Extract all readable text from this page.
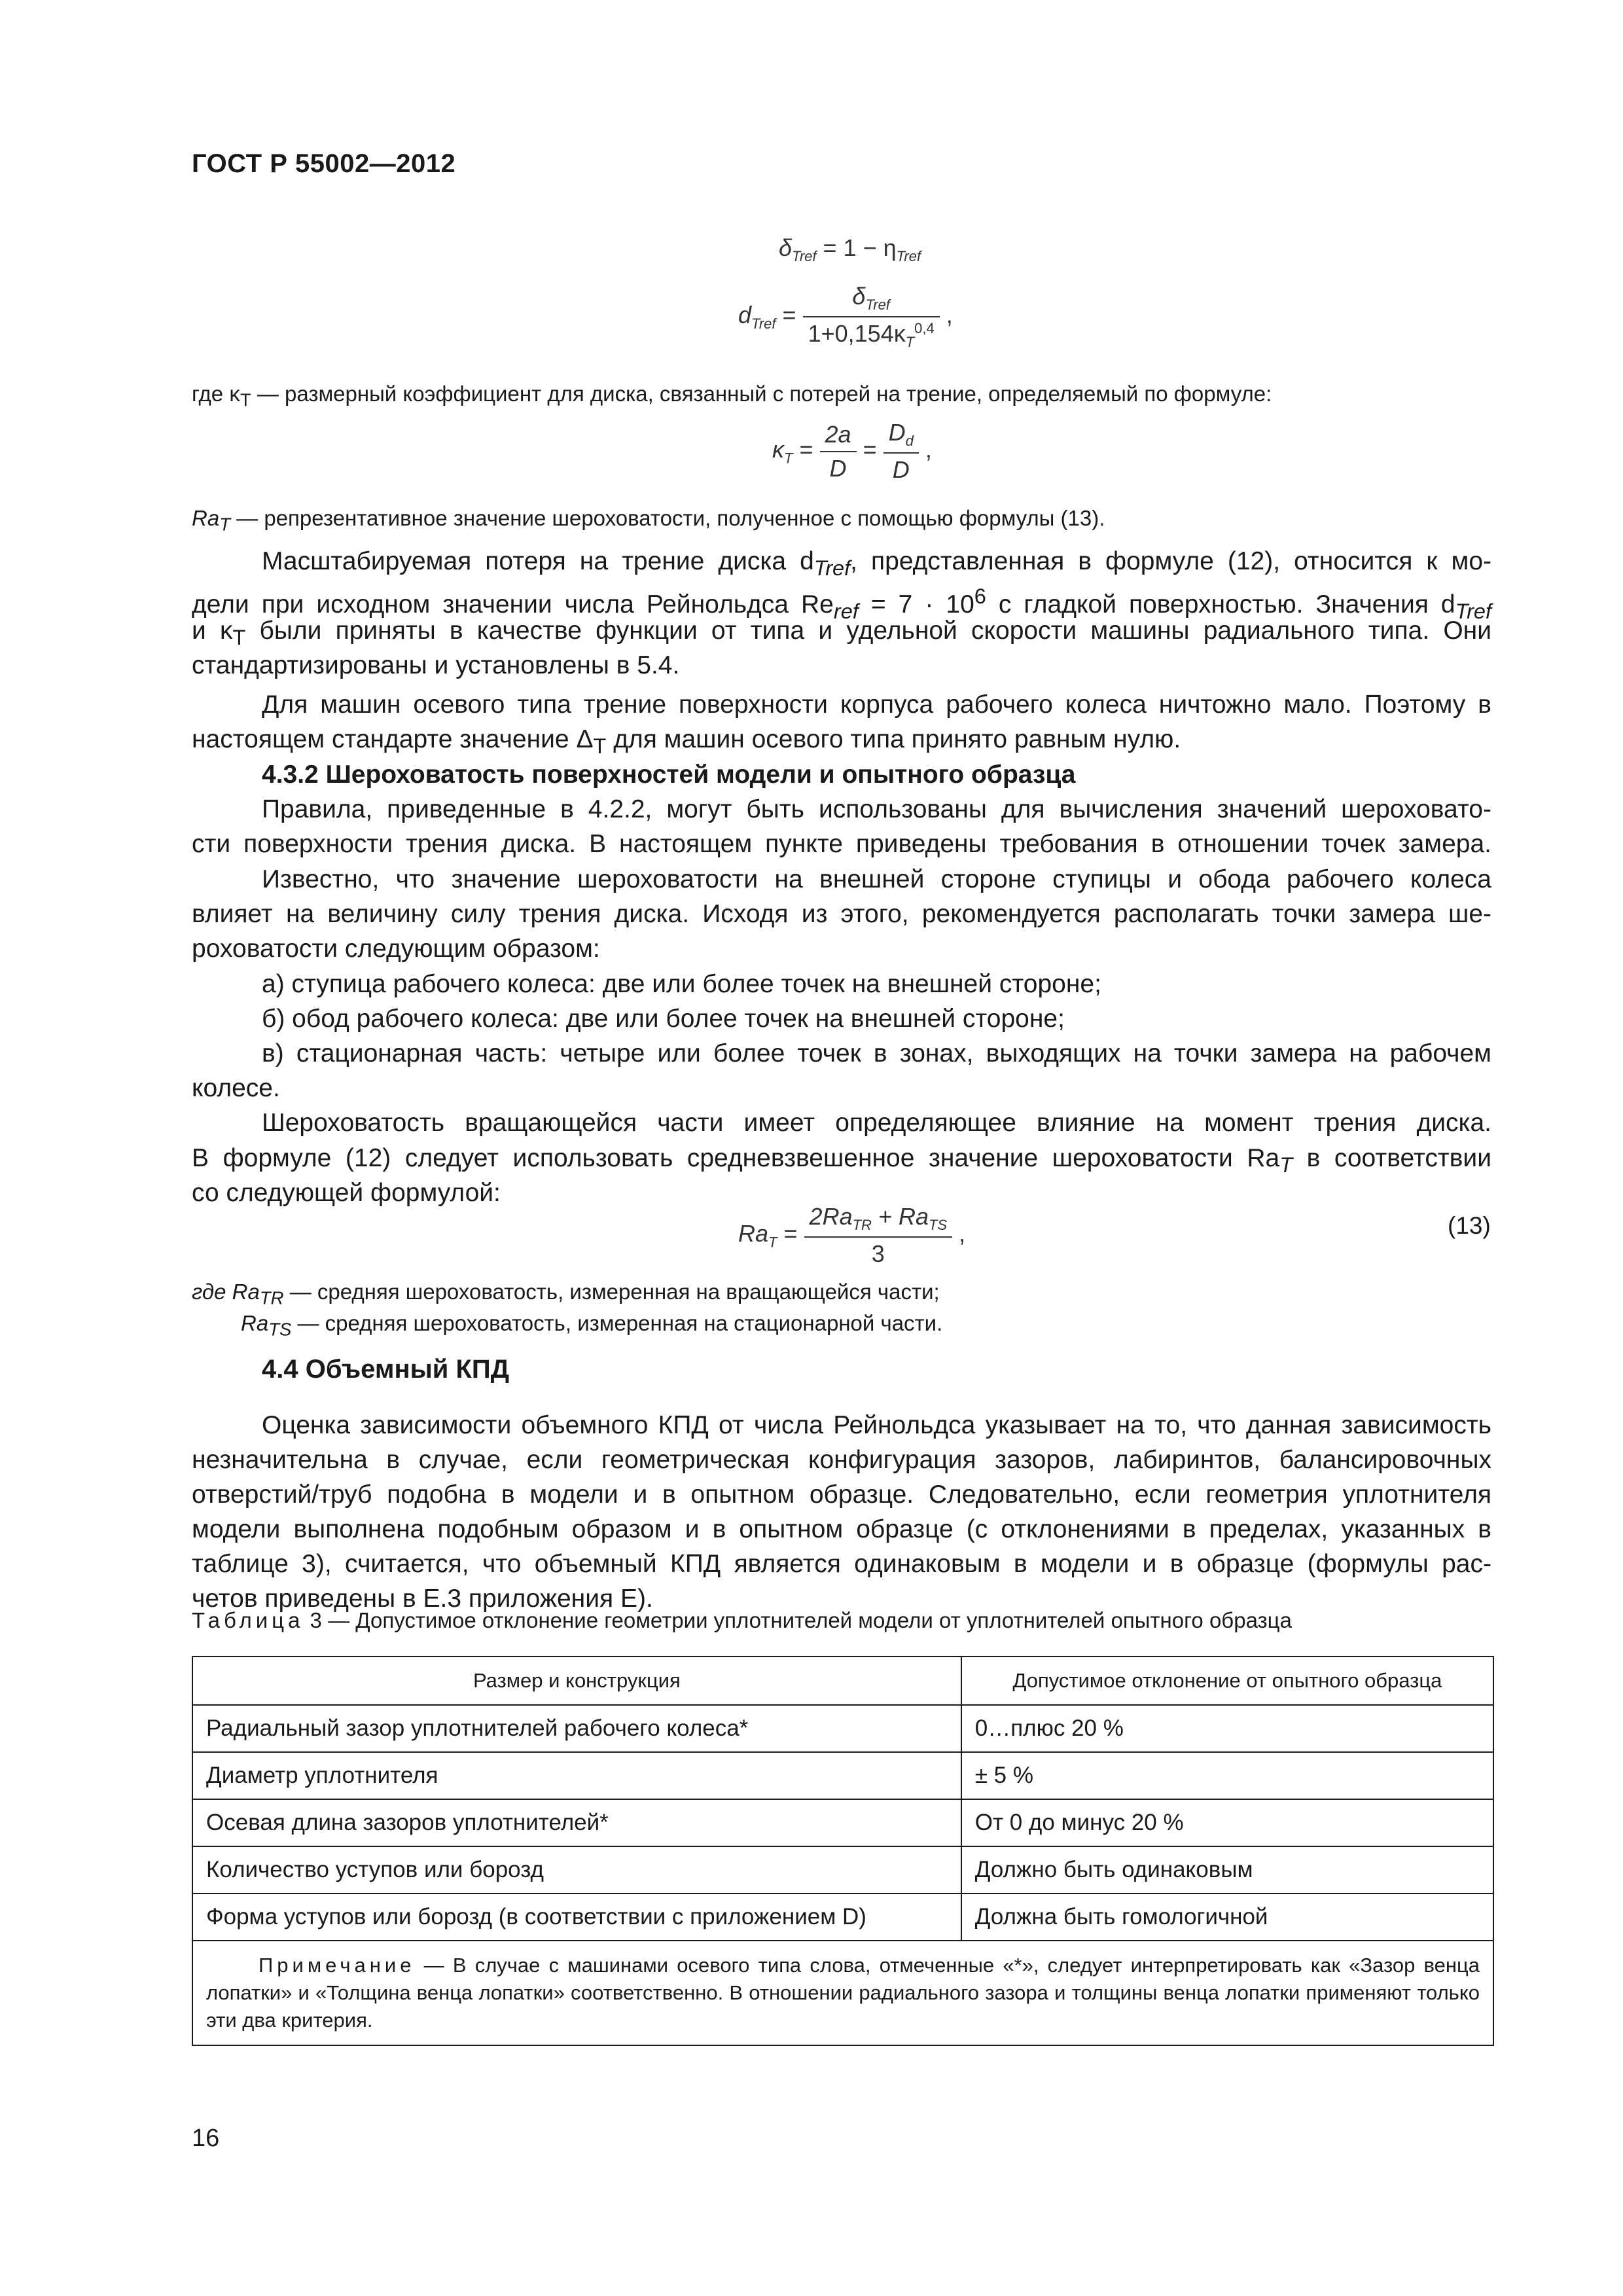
ГОСТ Р 55002—2012
$\delta_{Tref} = 1 - \eta_{Tref}$
$d_{Tref} = \frac{\delta_{Tref}}{1+0,154\kappa_T^{0,4}}$ ,
где $\kappa_T$ — размерный коэффициент для диска, связанный с потерей на трение, определяемый по формуле:
$\kappa_T = \frac{2a}{D} = \frac{D_d}{D}$ ,
$Ra_T$ — репрезентативное значение шероховатости, полученное с помощью формулы (13).
Масштабируемая потеря на трение диска $d_{Tref}$, представленная в формуле (12), относится к мо-
дели при исходном значении числа Рейнольдса $Re_{ref} = 7 \cdot 10^6$ с гладкой поверхностью. Значения $d_{Tref}$
и $\kappa_T$ были приняты в качестве функции от типа и удельной скорости машины радиального типа. Они
стандартизированы и установлены в 5.4.
Для машин осевого типа трение поверхности корпуса рабочего колеса ничтожно мало. Поэтому в
настоящем стандарте значение $\Delta_T$ для машин осевого типа принято равным нулю.
4.3.2 Шероховатость поверхностей модели и опытного образца
Правила, приведенные в 4.2.2, могут быть использованы для вычисления значений шероховато-
сти поверхности трения диска. В настоящем пункте приведены требования в отношении точек замера.
Известно, что значение шероховатости на внешней стороне ступицы и обода рабочего колеса
влияет на величину силу трения диска. Исходя из этого, рекомендуется располагать точки замера ше-
роховатости следующим образом:
а) ступица рабочего колеса: две или более точек на внешней стороне;
б) обод рабочего колеса: две или более точек на внешней стороне;
в) стационарная часть: четыре или более точек в зонах, выходящих на точки замера на рабочем
колесе.
Шероховатость вращающейся части имеет определяющее влияние на момент трения диска.
В формуле (12) следует использовать средневзвешенное значение шероховатости $Ra_T$ в соответствии
со следующей формулой:
$Ra_T = \frac{2Ra_{TR} + Ra_{TS}}{3}$ ,	(13)
где $Ra_{TR}$ — средняя шероховатость, измеренная на вращающейся части;
$Ra_{TS}$ — средняя шероховатость, измеренная на стационарной части.
4.4 Объемный КПД
Оценка зависимости объемного КПД от числа Рейнольдса указывает на то, что данная зависимость
незначительна в случае, если геометрическая конфигурация зазоров, лабиринтов, балансировочных
отверстий/труб подобна в модели и в опытном образце. Следовательно, если геометрия уплотнителя
модели выполнена подобным образом и в опытном образце (с отклонениями в пределах, указанных в
таблице 3), считается, что объемный КПД является одинаковым в модели и в образце (формулы рас-
четов приведены в Е.3 приложения Е).
Таблица 3 — Допустимое отклонение геометрии уплотнителей модели от уплотнителей опытного образца
Размер и конструкция	Допустимое отклонение от опытного образца
Радиальный зазор уплотнителей рабочего колеса*	0…плюс 20 %
Диаметр уплотнителя	± 5 %
Осевая длина зазоров уплотнителей*	От 0 до минус 20 %
Количество уступов или борозд	Должно быть одинаковым
Форма уступов или борозд (в соответствии с приложением D)	Должна быть гомологичной
Примечание — В случае с машинами осевого типа слова, отмеченные «*», следует интерпретировать как «Зазор венца лопатки» и «Толщина венца лопатки» соответственно. В отношении радиального зазора и толщины венца лопатки применяют только эти два критерия.	
16
